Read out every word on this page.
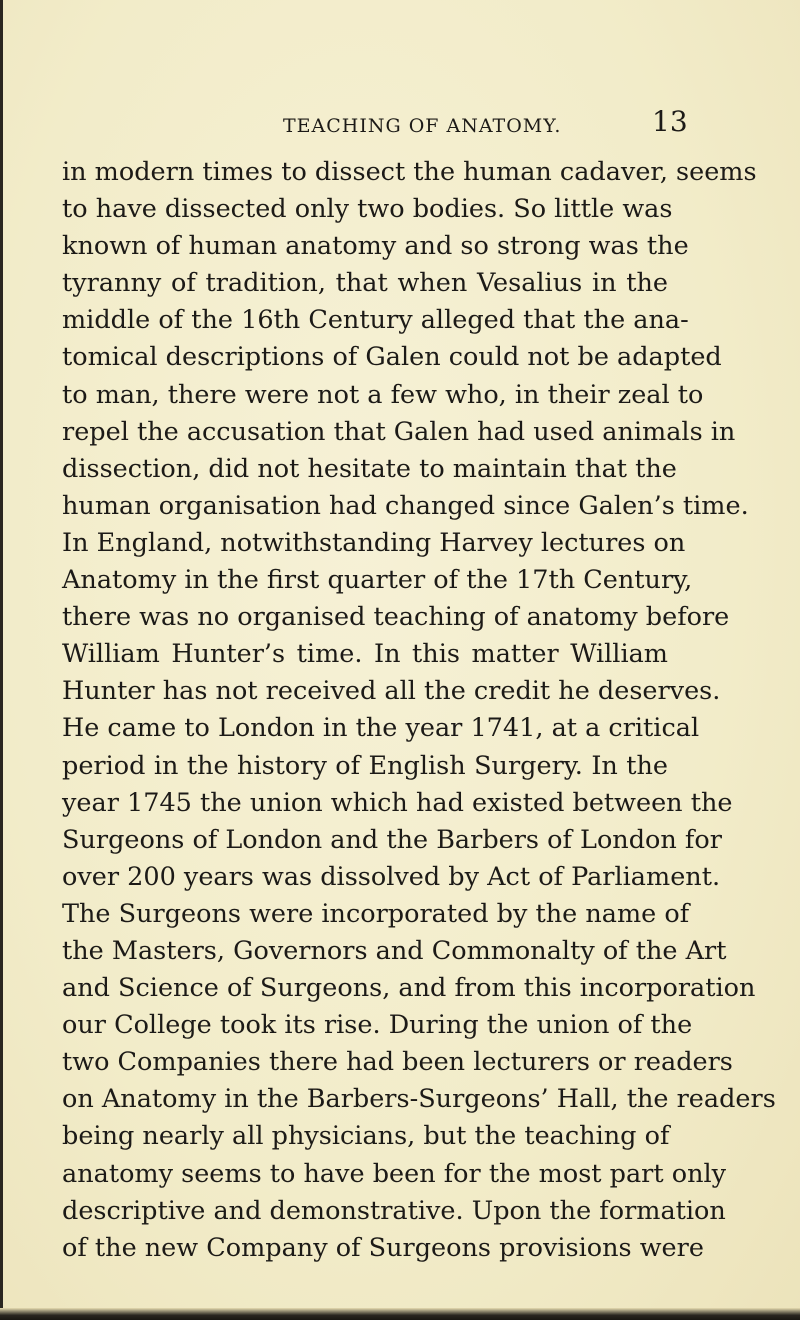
TEACHING OF ANATOMY.	13
in modern times to dissect the human cadaver, seems
to have dissected only two bodies. So little was
known of human anatomy and so strong was the
tyranny of tradition, that when Vesalius in the
middle of the 16th Century alleged that the ana-
tomical descriptions of Galen could not be adapted
to man, there were not a few who, in their zeal to
repel the accusation that Galen had used animals in
dissection, did not hesitate to maintain that the
human organisation had changed since Galen’s time.
In England, notwithstanding Harvey lectures on
Anatomy in the first quarter of the 17th Century,
there was no organised teaching of anatomy before
William Hunter’s time. In this matter William
Hunter has not received all the credit he deserves.
He came to London in the year 1741, at a critical
period in the history of English Surgery. In the
year 1745 the union which had existed between the
Surgeons of London and the Barbers of London for
over 200 years was dissolved by Act of Parliament.
The Surgeons were incorporated by the name of
the Masters, Governors and Commonalty of the Art
and Science of Surgeons, and from this incorporation
our College took its rise. During the union of the
two Companies there had been lecturers or readers
on Anatomy in the Barbers-Surgeons’ Hall, the readers
being nearly all physicians, but the teaching of
anatomy seems to have been for the most part only
descriptive and demonstrative. Upon the formation
of the new Company of Surgeons provisions were
